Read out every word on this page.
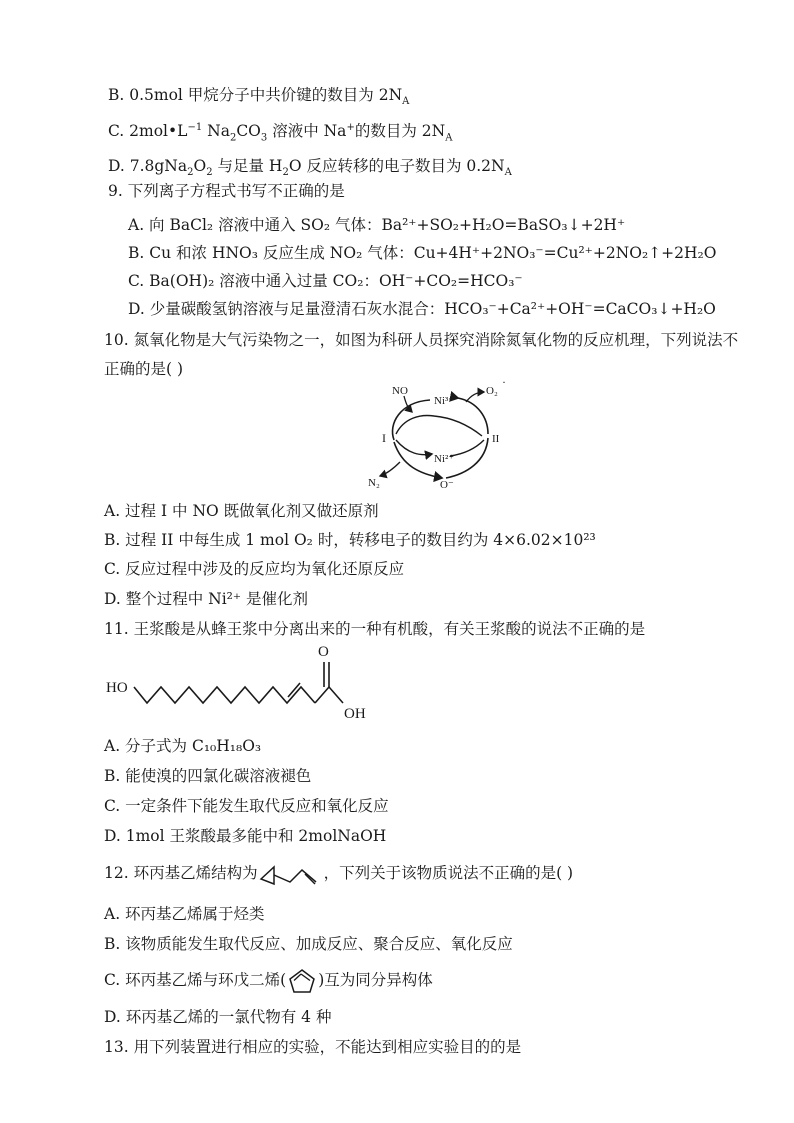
B. 0.5mol 甲烷分子中共价键的数目为 $2N_A$
C. $2mol•L^{-1}$ $Na_2CO_3$ 溶液中 Na+的数目为 $2N_A$
D. $7.8gNa_2O_2$ 与足量 $H_2O$ 反应转移的电子数目为 $0.2N_A$
9. 下列离子方程式书写不正确的是
A. 向 BaCl₂ 溶液中通入 SO₂ 气体：Ba²⁺+SO₂+H₂O=BaSO₃↓+2H⁺
B. Cu 和浓 HNO₃ 反应生成 NO₂ 气体：Cu+4H⁺+2NO₃⁻=Cu²⁺+2NO₂↑+2H₂O
C. Ba(OH)₂ 溶液中通入过量 CO₂：OH⁻+CO₂=HCO₃⁻
D. 少量碳酸氢钠溶液与足量澄清石灰水混合：HCO₃⁻+Ca²⁺+OH⁻=CaCO₃↓+H₂O
10. 氮氧化物是大气污染物之一，如图为科研人员探究消除氮氧化物的反应机理，下列说法不
正确的是( )
NO
Ni³⁺
O₂
·
I	II
Ni²⁺
N₂	O⁻
A. 过程 I 中 NO 既做氧化剂又做还原剂
B. 过程 II 中每生成 1 mol O₂ 时，转移电子的数目约为 4×6.02×10²³
C. 反应过程中涉及的反应均为氧化还原反应
D. 整个过程中 Ni²⁺ 是催化剂
11. 王浆酸是从蜂王浆中分离出来的一种有机酸，有关王浆酸的说法不正确的是
HO
O
OH
A. 分子式为 C₁₀H₁₈O₃
B. 能使溴的四氯化碳溶液褪色
C. 一定条件下能发生取代反应和氧化反应
D. 1mol 王浆酸最多能中和 2molNaOH
12. 环丙基乙烯结构为	，下列关于该物质说法不正确的是( )
A. 环丙基乙烯属于烃类
B. 该物质能发生取代反应、加成反应、聚合反应、氧化反应
C. 环丙基乙烯与环戊二烯( )互为同分异构体
D. 环丙基乙烯的一氯代物有 4 种
13. 用下列装置进行相应的实验，不能达到相应实验目的的是
